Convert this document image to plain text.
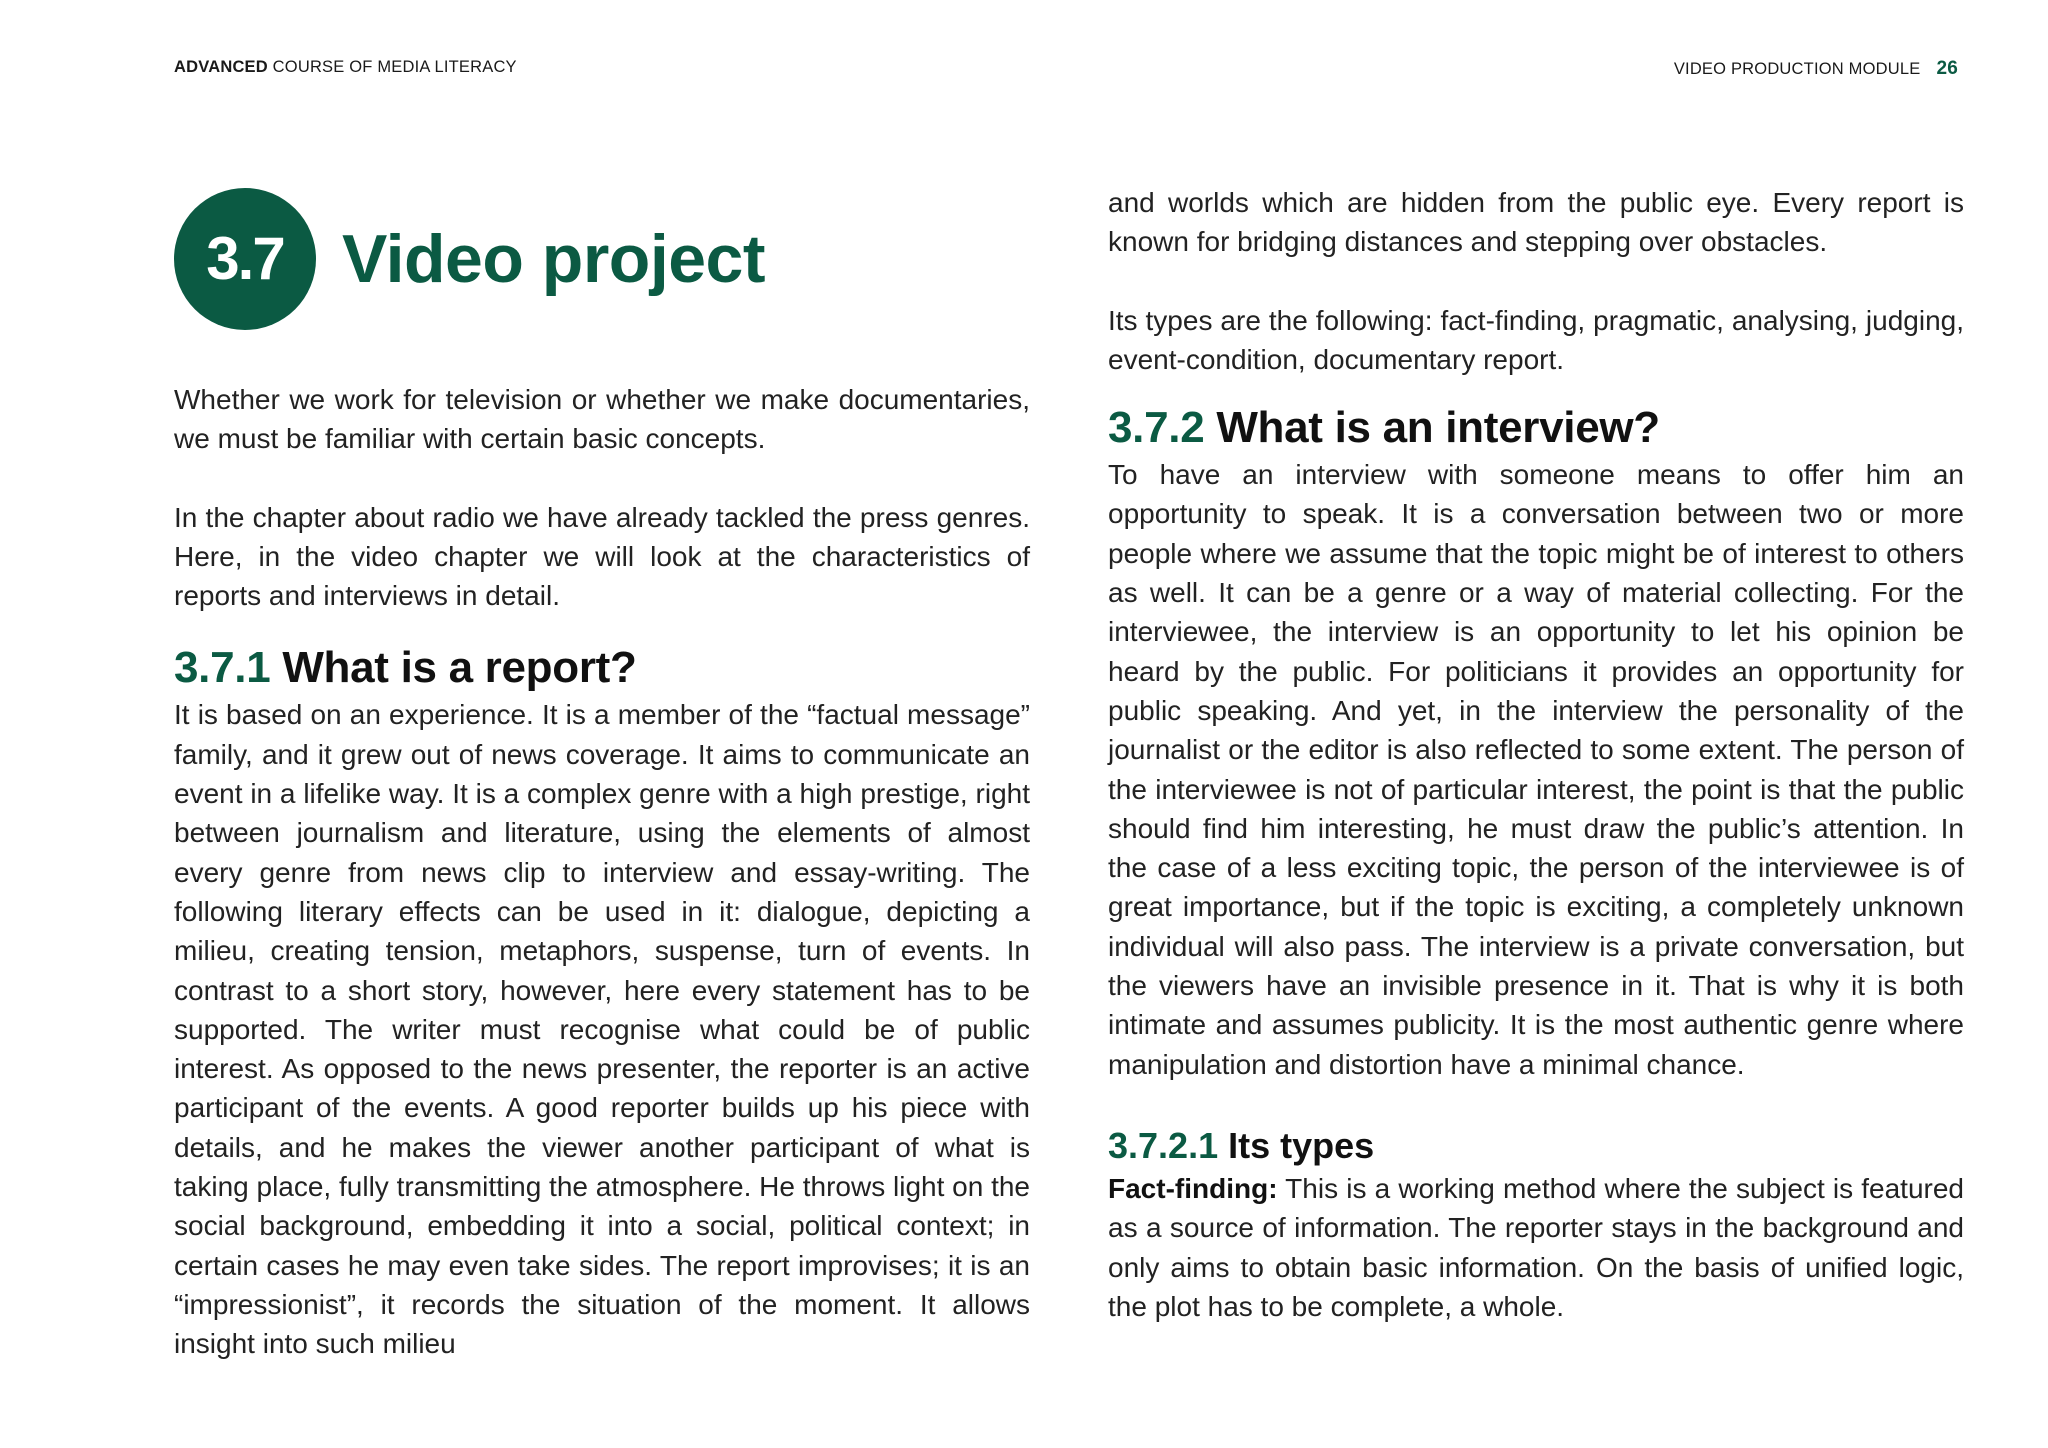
ADVANCED COURSE OF MEDIA LITERACY	VIDEO PRODUCTION MODULE 26
3.7 Video project

Whether we work for television or whether we make documentaries, we must be familiar with certain basic concepts.

In the chapter about radio we have already tackled the press genres. Here, in the video chapter we will look at the characteristics of reports and interviews in detail.

3.7.1 What is a report?

It is based on an experience. It is a member of the “factual message” family, and it grew out of news coverage. It aims to communicate an event in a lifelike way. It is a complex genre with a high prestige, right between journalism and literature, using the elements of almost every genre from news clip to interview and essay-writing. The following literary effects can be used in it: dialogue, depicting a milieu, creating tension, metaphors, suspense, turn of events. In contrast to a short story, however, here every statement has to be supported. The writer must recognise what could be of public interest. As opposed to the news presenter, the reporter is an active participant of the events. A good reporter builds up his piece with details, and he makes the viewer another participant of what is taking place, fully transmitting the atmosphere. He throws light on the social background, embedding it into a social, political context; in certain cases he may even take sides. The report improvises; it is an “impressionist”, it records the situation of the moment. It allows insight into such milieu

and worlds which are hidden from the public eye. Every report is known for bridging distances and stepping over obstacles.

Its types are the following: fact-finding, pragmatic, analysing, judging, event-condition, documentary report.

3.7.2 What is an interview?

To have an interview with someone means to offer him an opportunity to speak. It is a conversation between two or more people where we assume that the topic might be of interest to others as well. It can be a genre or a way of material collecting. For the interviewee, the interview is an opportunity to let his opinion be heard by the public. For politicians it provides an opportunity for public speaking. And yet, in the interview the personality of the journalist or the editor is also reflected to some extent. The person of the interviewee is not of particular interest, the point is that the public should find him interesting, he must draw the public’s attention. In the case of a less exciting topic, the person of the interviewee is of great importance, but if the topic is exciting, a completely unknown individual will also pass. The interview is a private conversation, but the viewers have an invisible presence in it. That is why it is both intimate and assumes publicity. It is the most authentic genre where manipulation and distortion have a minimal chance.

3.7.2.1 Its types

Fact-finding: This is a working method where the subject is featured as a source of information. The reporter stays in the background and only aims to obtain basic information. On the basis of unified logic, the plot has to be complete, a whole.
